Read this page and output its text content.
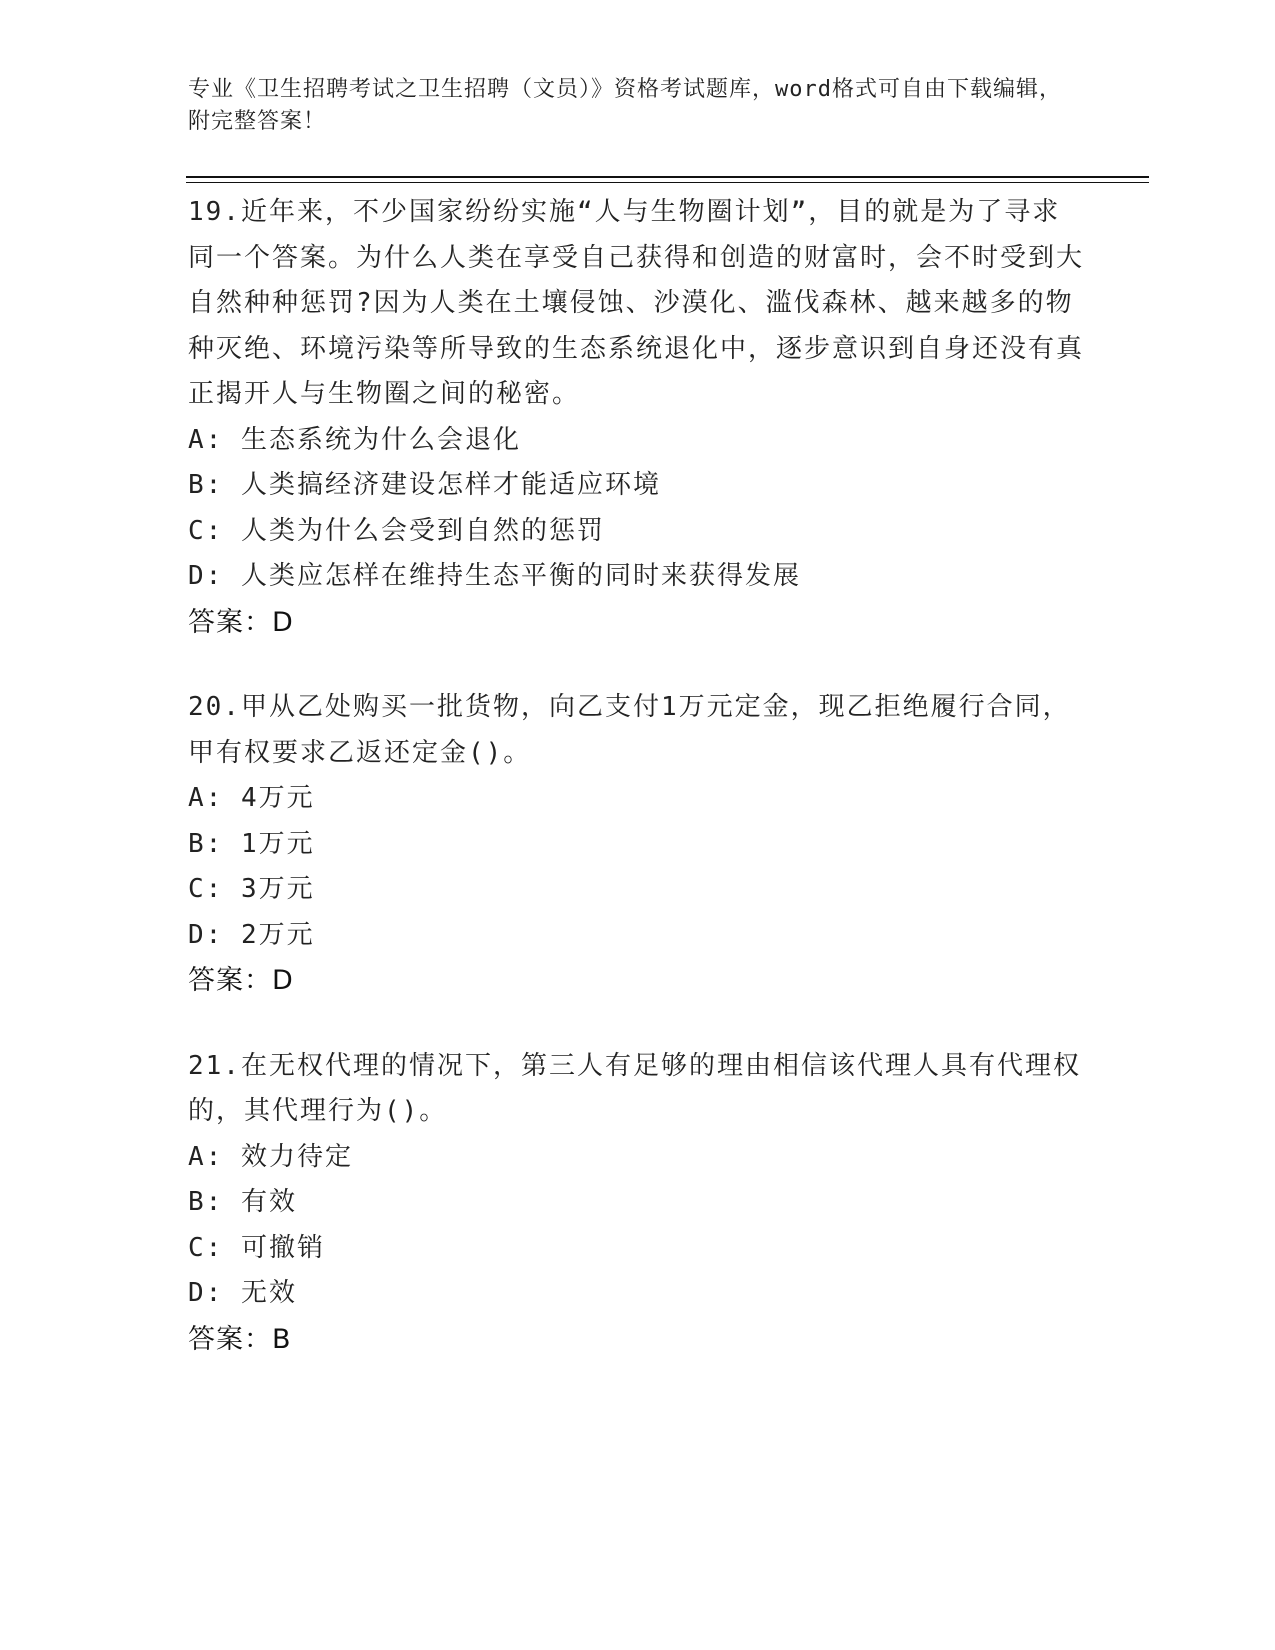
专业《卫生招聘考试之卫生招聘（文员）》资格考试题库，word格式可自由下载编辑，附完整答案！

19.近年来，不少国家纷纷实施“人与生物圈计划”，目的就是为了寻求同一个答案。为什么人类在享受自己获得和创造的财富时，会不时受到大自然种种惩罚?因为人类在土壤侵蚀、沙漠化、滥伐森林、越来越多的物种灭绝、环境污染等所导致的生态系统退化中，逐步意识到自身还没有真正揭开人与生物圈之间的秘密。

A: 生态系统为什么会退化

B: 人类搞经济建设怎样才能适应环境

C: 人类为什么会受到自然的惩罚

D: 人类应怎样在维持生态平衡的同时来获得发展

答案：D

20.甲从乙处购买一批货物，向乙支付1万元定金，现乙拒绝履行合同，甲有权要求乙返还定金()。

A: 4万元

B: 1万元

C: 3万元

D: 2万元

答案：D

21.在无权代理的情况下，第三人有足够的理由相信该代理人具有代理权的，其代理行为()。

A: 效力待定

B: 有效

C: 可撤销

D: 无效

答案：B
